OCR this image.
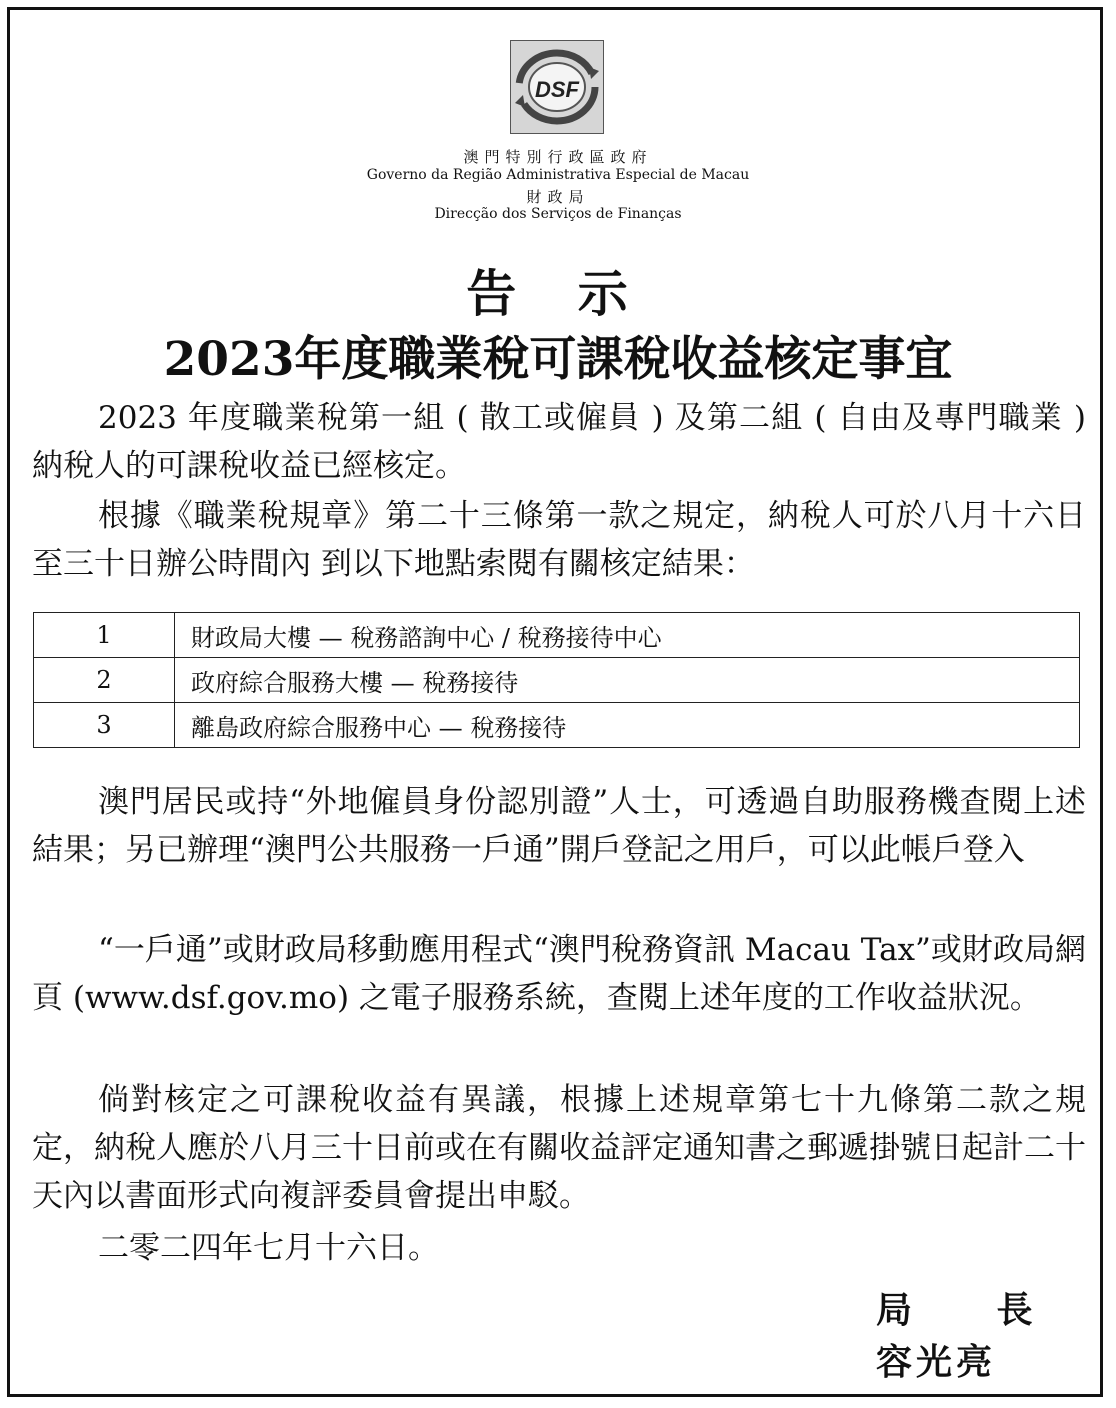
DSF
澳門特別行政區政府
Governo da Região Administrativa Especial de Macau
財政局
Direcção dos Serviços de Finanças
告 示
2023年度職業稅可課稅收益核定事宜
2023 年度職業稅第一組 ( 散工或僱員 ) 及第二組 ( 自由及專門職業 ) 納稅人的可課稅收益已經核定。
根據《職業稅規章》第二十三條第一款之規定，納稅人可於八月十六日至三十日辦公時間內 到以下地點索閱有關核定結果：
1	財政局大樓 — 稅務諮詢中心 / 稅務接待中心
2	政府綜合服務大樓 — 稅務接待
3	離島政府綜合服務中心 — 稅務接待
澳門居民或持“外地僱員身份認別證”人士，可透過自助服務機查閱上述結果；另已辦理“澳門公共服務一戶通”開戶登記之用戶，可以此帳戶登入
“一戶通”或財政局移動應用程式“澳門稅務資訊 Macau Tax”或財政局網頁 (www.dsf.gov.mo) 之電子服務系統，查閱上述年度的工作收益狀況。
倘對核定之可課稅收益有異議，根據上述規章第七十九條第二款之規定，納稅人應於八月三十日前或在有關收益評定通知書之郵遞掛號日起計二十天內以書面形式向複評委員會提出申駁。
二零二四年七月十六日。
局 長
容光亮
